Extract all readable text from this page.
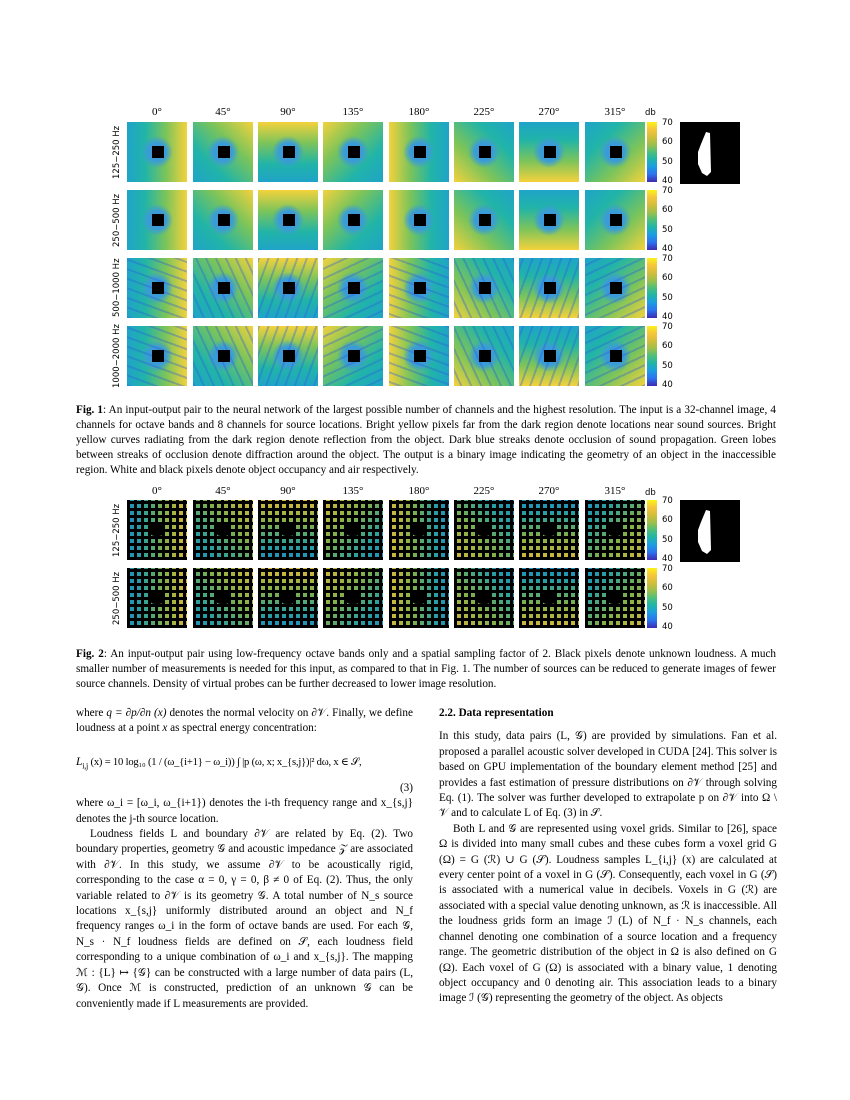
0°	45°	90°	135°	180°	225°	270°	315°	db
125−250 Hz
250−500 Hz
500−1000 Hz
1000−2000 Hz
70
60
50
40
70
60
50
40
70
60
50
40
70
60
50
40
Fig. 1: An input-output pair to the neural network of the largest possible number of channels and the highest resolution. The input is a 32-channel image, 4 channels for octave bands and 8 channels for source locations. Bright yellow pixels far from the dark region denote locations near sound sources. Bright yellow curves radiating from the dark region denote reflection from the object. Dark blue streaks denote occlusion of sound propagation. Green lobes between streaks of occlusion denote diffraction around the object. The output is a binary image indicating the geometry of an object in the inaccessible region. White and black pixels denote object occupancy and air respectively.
0°	45°	90°	135°	180°	225°	270°	315°	db
125−250 Hz
250−500 Hz
70
60
50
40
70
60
50
40
Fig. 2: An input-output pair using low-frequency octave bands only and a spatial sampling factor of 2. Black pixels denote unknown loudness. A much smaller number of measurements is needed for this input, as compared to that in Fig. 1. The number of sources can be reduced to generate images of fewer source channels. Density of virtual probes can be further decreased to lower image resolution.

where q = ∂p/∂n (x) denotes the normal velocity on ∂𝒱. Finally, we define loudness at a point x as spectral energy concentration:

$L_{i,j}$ (x) = 10 log₁₀ (1 / (ω_{i+1} − ω_i)) ∫ |p (ω, x; x_{s,j})|² dω, x ∈ 𝒮,
(3)

where ω_i = [ω_i, ω_{i+1}) denotes the i-th frequency range and x_{s,j} denotes the j-th source location.

Loudness fields L and boundary ∂𝒱 are related by Eq. (2). Two boundary properties, geometry 𝒢 and acoustic impedance 𝒵 are associated with ∂𝒱. In this study, we assume ∂𝒱 to be acoustically rigid, corresponding to the case α = 0, γ = 0, β ≠ 0 of Eq. (2). Thus, the only variable related to ∂𝒱 is its geometry 𝒢. A total number of N_s source locations x_{s,j} uniformly distributed around an object and N_f frequency ranges ω_i in the form of octave bands are used. For each 𝒢, N_s · N_f loudness fields are defined on 𝒮, each loudness field corresponding to a unique combination of ω_i and x_{s,j}. The mapping ℳ : {L} ↦ {𝒢} can be constructed with a large number of data pairs (L, 𝒢). Once ℳ is constructed, prediction of an unknown 𝒢 can be conveniently made if L measurements are provided.

2.2. Data representation

In this study, data pairs (L, 𝒢) are provided by simulations. Fan et al. proposed a parallel acoustic solver developed in CUDA [24]. This solver is based on GPU implementation of the boundary element method [25] and provides a fast estimation of pressure distributions on ∂𝒱 through solving Eq. (1). The solver was further developed to extrapolate p on ∂𝒱 into Ω \ 𝒱 and to calculate L of Eq. (3) in 𝒮.

Both L and 𝒢 are represented using voxel grids. Similar to [26], space Ω is divided into many small cubes and these cubes form a voxel grid G (Ω) = G (ℛ) ∪ G (𝒮). Loudness samples L_{i,j} (x) are calculated at every center point of a voxel in G (𝒮). Consequently, each voxel in G (𝒮) is associated with a numerical value in decibels. Voxels in G (ℛ) are associated with a special value denoting unknown, as ℛ is inaccessible. All the loudness grids form an image ℐ (L) of N_f · N_s channels, each channel denoting one combination of a source location and a frequency range. The geometric distribution of the object in Ω is also defined on G (Ω). Each voxel of G (Ω) is associated with a binary value, 1 denoting object occupancy and 0 denoting air. This association leads to a binary image ℐ (𝒢) representing the geometry of the object. As objects
